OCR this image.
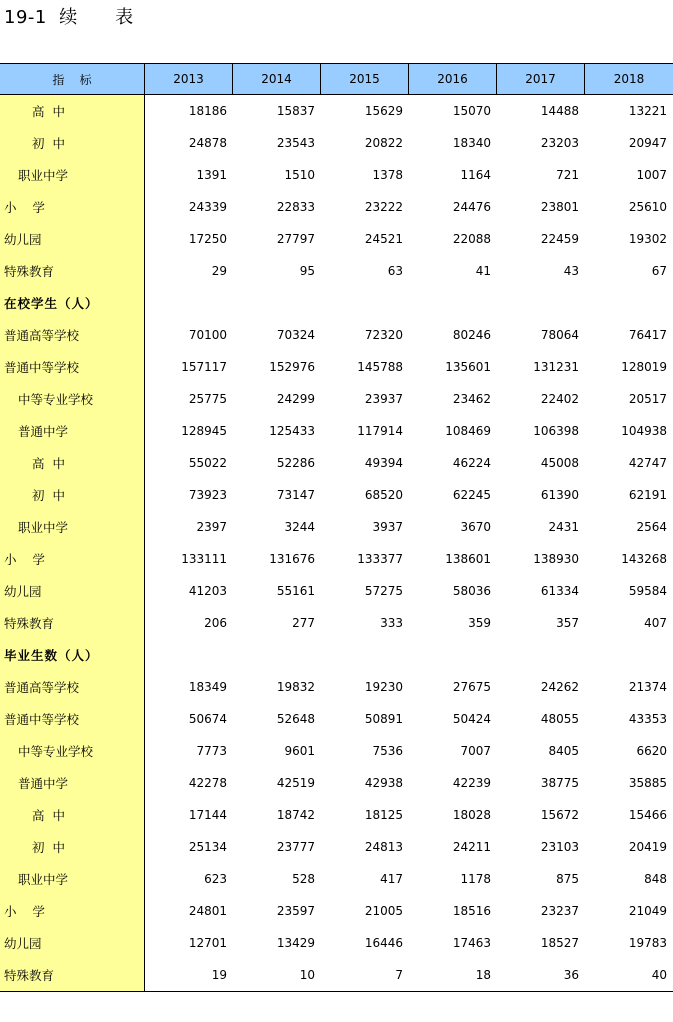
19-1  续      表
指    标	2013	2014	2015	2016	2017	2018
高  中	18186	15837	15629	15070	14488	13221
初  中	24878	23543	20822	18340	23203	20947
职业中学	1391	1510	1378	1164	721	1007
小    学	24339	22833	23222	24476	23801	25610
幼儿园	17250	27797	24521	22088	22459	19302
特殊教育	29	95	63	41	43	67
在校学生（人）
普通高等学校	70100	70324	72320	80246	78064	76417
普通中等学校	157117	152976	145788	135601	131231	128019
中等专业学校	25775	24299	23937	23462	22402	20517
普通中学	128945	125433	117914	108469	106398	104938
高  中	55022	52286	49394	46224	45008	42747
初  中	73923	73147	68520	62245	61390	62191
职业中学	2397	3244	3937	3670	2431	2564
小    学	133111	131676	133377	138601	138930	143268
幼儿园	41203	55161	57275	58036	61334	59584
特殊教育	206	277	333	359	357	407
毕业生数（人）
普通高等学校	18349	19832	19230	27675	24262	21374
普通中等学校	50674	52648	50891	50424	48055	43353
中等专业学校	7773	9601	7536	7007	8405	6620
普通中学	42278	42519	42938	42239	38775	35885
高  中	17144	18742	18125	18028	15672	15466
初  中	25134	23777	24813	24211	23103	20419
职业中学	623	528	417	1178	875	848
小    学	24801	23597	21005	18516	23237	21049
幼儿园	12701	13429	16446	17463	18527	19783
特殊教育	19	10	7	18	36	40
